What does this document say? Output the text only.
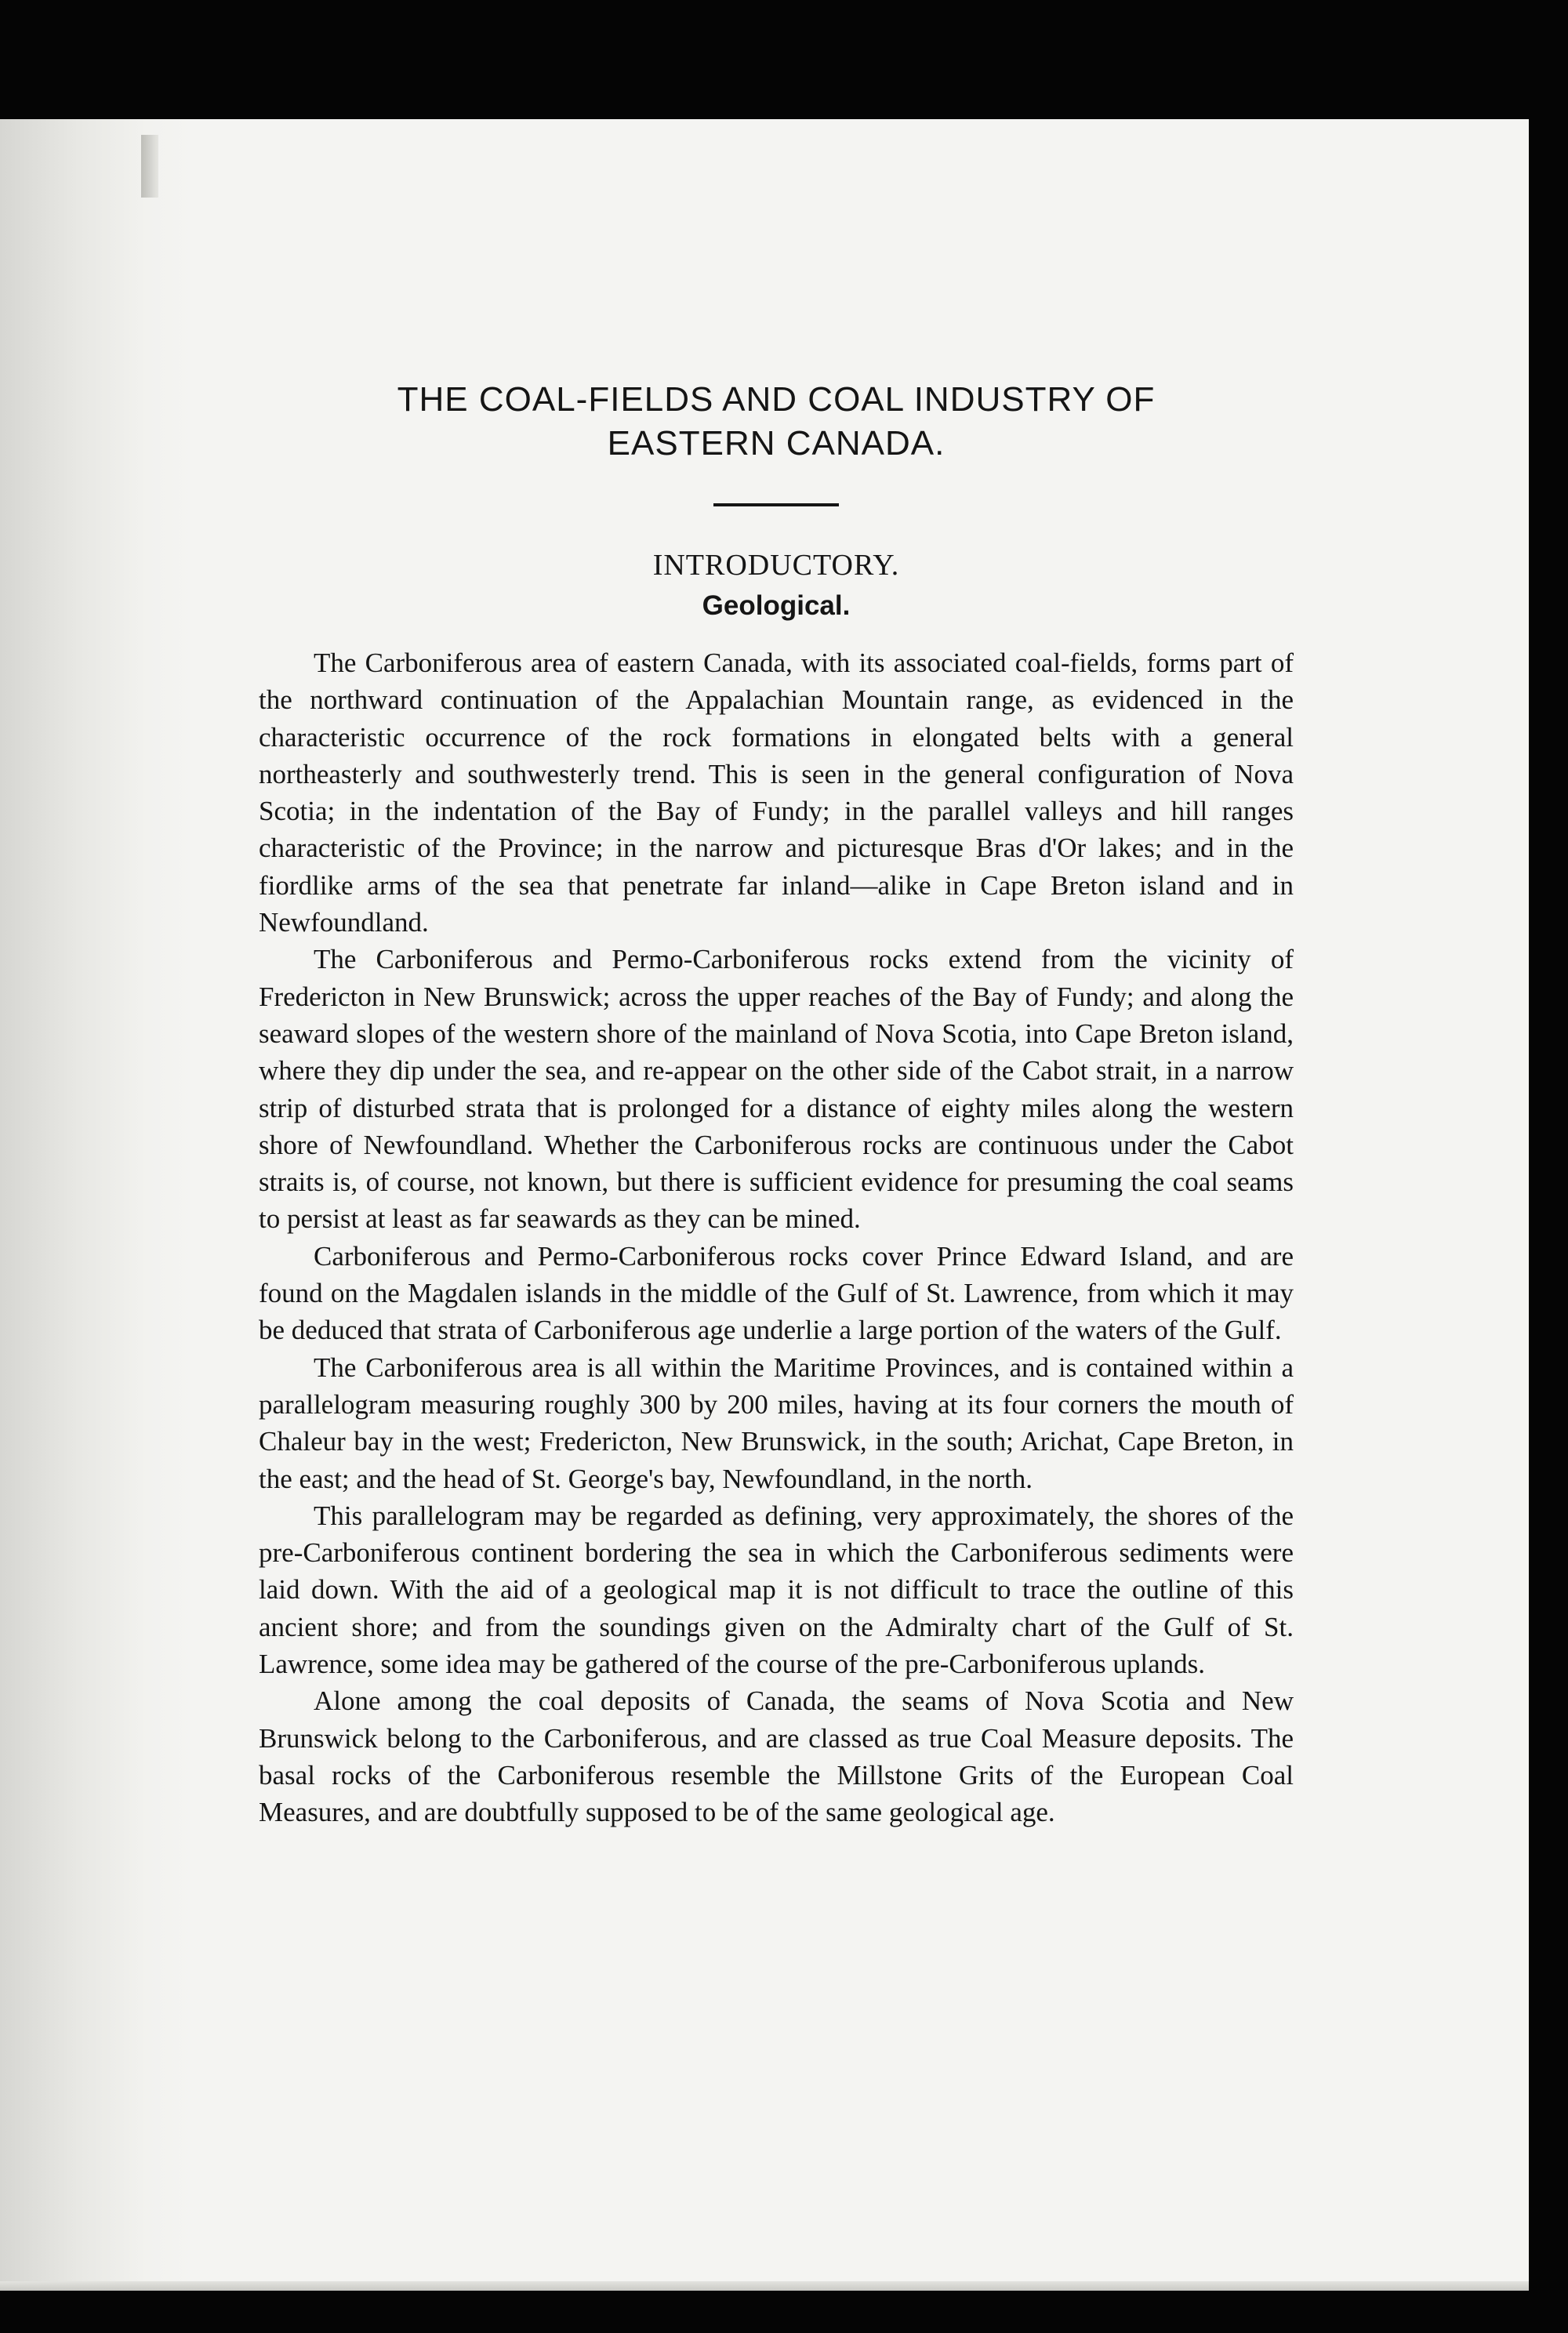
THE COAL-FIELDS AND COAL INDUSTRY OF
EASTERN CANADA.
INTRODUCTORY.
Geological.

The Carboniferous area of eastern Canada, with its associated coal-fields, forms part of the northward continuation of the Appalachian Mountain range, as evidenced in the characteristic occurrence of the rock formations in elongated belts with a general northeasterly and southwesterly trend. This is seen in the general configuration of Nova Scotia; in the indentation of the Bay of Fundy; in the parallel valleys and hill ranges characteristic of the Province; in the narrow and picturesque Bras d'Or lakes; and in the fiordlike arms of the sea that penetrate far inland—alike in Cape Breton island and in Newfoundland.

The Carboniferous and Permo-Carboniferous rocks extend from the vicinity of Fredericton in New Brunswick; across the upper reaches of the Bay of Fundy; and along the seaward slopes of the western shore of the mainland of Nova Scotia, into Cape Breton island, where they dip under the sea, and re-appear on the other side of the Cabot strait, in a narrow strip of disturbed strata that is prolonged for a distance of eighty miles along the western shore of Newfoundland. Whether the Carboniferous rocks are continuous under the Cabot straits is, of course, not known, but there is sufficient evidence for presuming the coal seams to persist at least as far seawards as they can be mined.

Carboniferous and Permo-Carboniferous rocks cover Prince Edward Island, and are found on the Magdalen islands in the middle of the Gulf of St. Lawrence, from which it may be deduced that strata of Carboniferous age underlie a large portion of the waters of the Gulf.

The Carboniferous area is all within the Maritime Provinces, and is contained within a parallelogram measuring roughly 300 by 200 miles, having at its four corners the mouth of Chaleur bay in the west; Fredericton, New Brunswick, in the south; Arichat, Cape Breton, in the east; and the head of St. George's bay, Newfoundland, in the north.

This parallelogram may be regarded as defining, very approximately, the shores of the pre-Carboniferous continent bordering the sea in which the Carboniferous sediments were laid down. With the aid of a geological map it is not difficult to trace the outline of this ancient shore; and from the soundings given on the Admiralty chart of the Gulf of St. Lawrence, some idea may be gathered of the course of the pre-Carboniferous uplands.

Alone among the coal deposits of Canada, the seams of Nova Scotia and New Brunswick belong to the Carboniferous, and are classed as true Coal Measure deposits. The basal rocks of the Carboniferous resemble the Millstone Grits of the European Coal Measures, and are doubtfully supposed to be of the same geological age.
